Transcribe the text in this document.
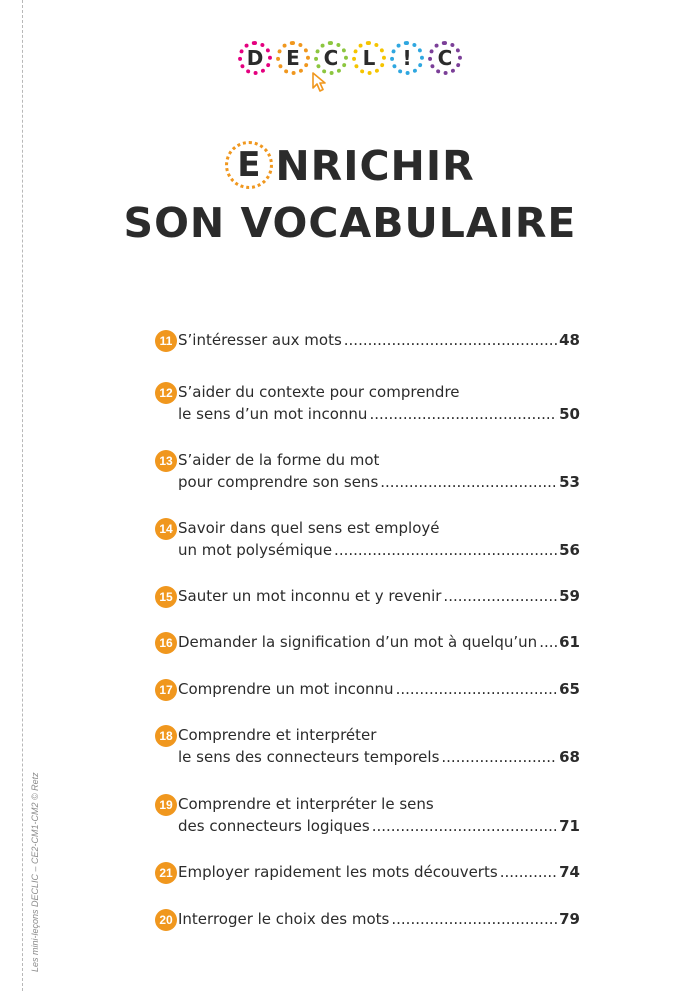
Les mini-leçons DECLIC – CE2-CM1-CM2 © Retz
D	E	C	L	!	C
E NRICHIR
SON VOCABULAIRE
11 S’intéresser aux mots .....	48
12 S’aider du contexte pour comprendre
le sens d’un mot inconnu .....	50
13 S’aider de la forme du mot
pour comprendre son sens .....	53
14 Savoir dans quel sens est employé
un mot polysémique .....	56
15 Sauter un mot inconnu et y revenir .....	59
16 Demander la signification d’un mot à quelqu’un ..... 61
17 Comprendre un mot inconnu .....	65
18 Comprendre et interpréter
le sens des connecteurs temporels .....	68
19 Comprendre et interpréter le sens
des connecteurs logiques .....	71
21 Employer rapidement les mots découverts .....	74
20 Interroger le choix des mots .....	79
